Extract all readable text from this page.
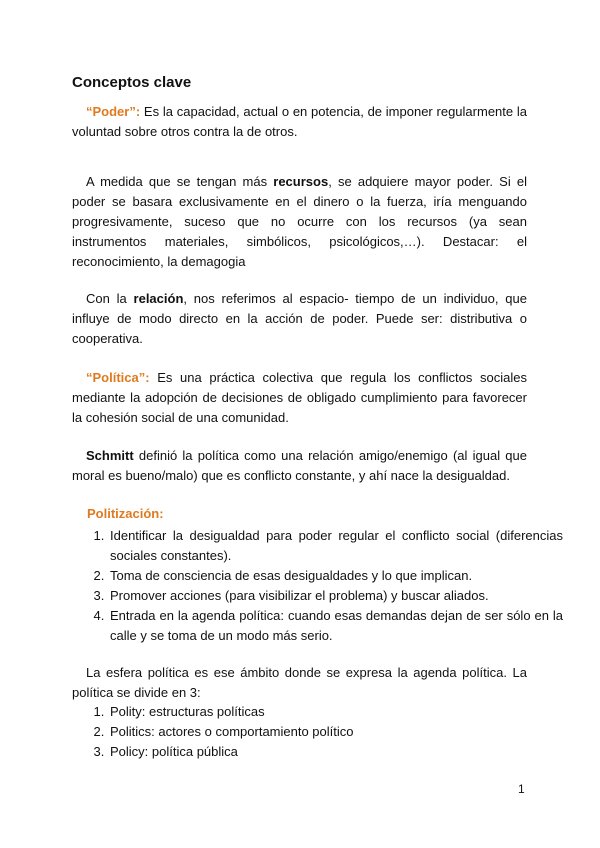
Conceptos clave

“Poder”: Es la capacidad, actual o en potencia, de imponer regularmente la voluntad sobre otros contra la de otros.

A medida que se tengan más recursos, se adquiere mayor poder. Si el poder se basara exclusivamente en el dinero o la fuerza, iría menguando progresivamente, suceso que no ocurre con los recursos (ya sean instrumentos materiales, simbólicos, psicológicos,…). Destacar: el reconocimiento, la demagogia

Con la relación, nos referimos al espacio- tiempo de un individuo, que influye de modo directo en la acción de poder. Puede ser: distributiva o cooperativa.

“Política”: Es una práctica colectiva que regula los conflictos sociales mediante la adopción de decisiones de obligado cumplimiento para favorecer la cohesión social de una comunidad.

Schmitt definió la política como una relación amigo/enemigo (al igual que moral es bueno/malo) que es conflicto constante, y ahí nace la desigualdad.

Politización:
1. Identificar la desigualdad para poder regular el conflicto social (diferencias sociales constantes).
2. Toma de consciencia de esas desigualdades y lo que implican.
3. Promover acciones (para visibilizar el problema) y buscar aliados.
4. Entrada en la agenda política: cuando esas demandas dejan de ser sólo en la calle y se toma de un modo más serio.

La esfera política es ese ámbito donde se expresa la agenda política. La política se divide en 3:

1. Polity: estructuras políticas
2. Politics: actores o comportamiento político
3. Policy: política pública
1
